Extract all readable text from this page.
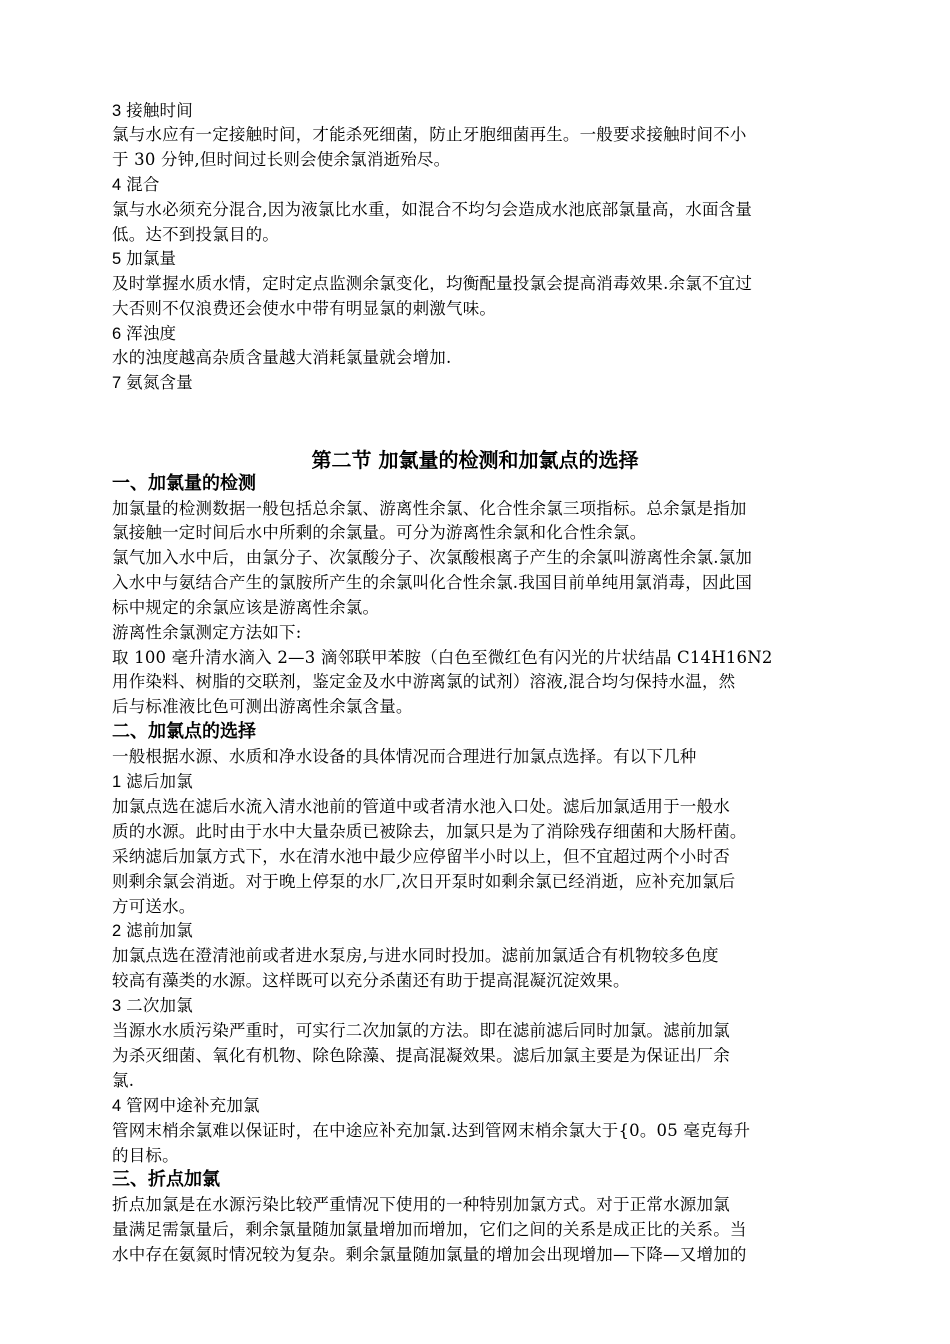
3 接触时间
氯与水应有一定接触时间，才能杀死细菌，防止牙胞细菌再生。一般要求接触时间不小
于 30 分钟,但时间过长则会使余氯消逝殆尽。
4 混合
氯与水必须充分混合,因为液氯比水重，如混合不均匀会造成水池底部氯量高，水面含量
低。达不到投氯目的。
5 加氯量
及时掌握水质水情，定时定点监测余氯变化，均衡配量投氯会提高消毒效果.余氯不宜过
大否则不仅浪费还会使水中带有明显氯的刺激气味。
6 浑浊度
水的浊度越高杂质含量越大消耗氯量就会增加.
7 氨氮含量
第二节 加氯量的检测和加氯点的选择
一、加氯量的检测
加氯量的检测数据一般包括总余氯、游离性余氯、化合性余氯三项指标。总余氯是指加
氯接触一定时间后水中所剩的余氯量。可分为游离性余氯和化合性余氯。
氯气加入水中后，由氯分子、次氯酸分子、次氯酸根离子产生的余氯叫游离性余氯.氯加
入水中与氨结合产生的氯胺所产生的余氯叫化合性余氯.我国目前单纯用氯消毒，因此国
标中规定的余氯应该是游离性余氯。
游离性余氯测定方法如下:
取 100 毫升清水滴入 2—3 滴邻联甲苯胺（白色至微红色有闪光的片状结晶 C14H16N2
用作染料、树脂的交联剂，鉴定金及水中游离氯的试剂）溶液,混合均匀保持水温，然
后与标准液比色可测出游离性余氯含量。
二、加氯点的选择
一般根据水源、水质和净水设备的具体情况而合理进行加氯点选择。有以下几种
1 滤后加氯
加氯点选在滤后水流入清水池前的管道中或者清水池入口处。滤后加氯适用于一般水
质的水源。此时由于水中大量杂质已被除去，加氯只是为了消除残存细菌和大肠杆菌。
采纳滤后加氯方式下，水在清水池中最少应停留半小时以上，但不宜超过两个小时否
则剩余氯会消逝。对于晚上停泵的水厂,次日开泵时如剩余氯已经消逝，应补充加氯后
方可送水。
2 滤前加氯
加氯点选在澄清池前或者进水泵房,与进水同时投加。滤前加氯适合有机物较多色度
较高有藻类的水源。这样既可以充分杀菌还有助于提高混凝沉淀效果。
3 二次加氯
当源水水质污染严重时，可实行二次加氯的方法。即在滤前滤后同时加氯。滤前加氯
为杀灭细菌、氧化有机物、除色除藻、提高混凝效果。滤后加氯主要是为保证出厂余
氯.
4 管网中途补充加氯
管网末梢余氯难以保证时，在中途应补充加氯.达到管网末梢余氯大于{0。05 毫克每升
的目标。
三、折点加氯
折点加氯是在水源污染比较严重情况下使用的一种特别加氯方式。对于正常水源加氯
量满足需氯量后，剩余氯量随加氯量增加而增加，它们之间的关系是成正比的关系。当
水中存在氨氮时情况较为复杂。剩余氯量随加氯量的增加会出现增加—下降—又增加的
